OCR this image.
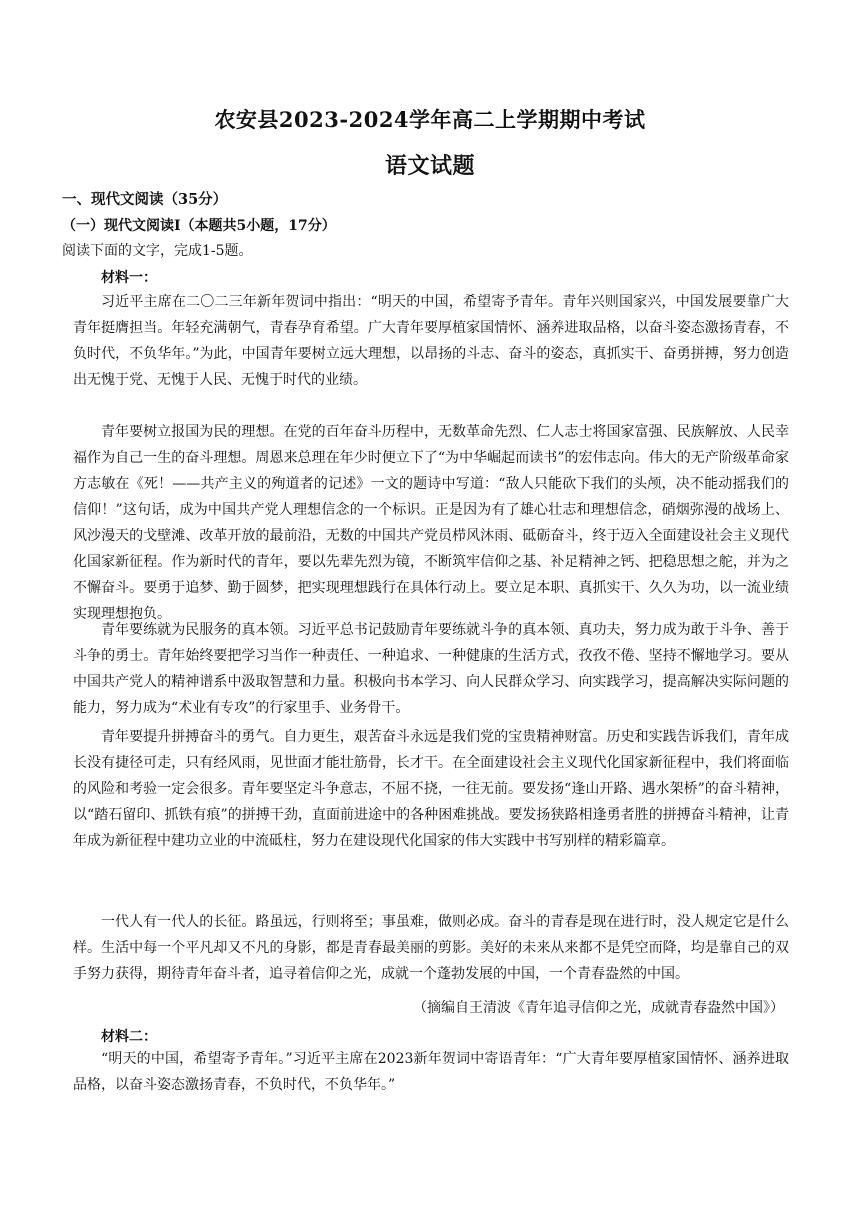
农安县2023-2024学年高二上学期期中考试
语文试题
一、现代文阅读（35分）
（一）现代文阅读Ⅰ（本题共5小题，17分）
阅读下面的文字，完成1-5题。
材料一：

习近平主席在二〇二三年新年贺词中指出：“明天的中国，希望寄予青年。青年兴则国家兴，中国发展要靠广大青年挺膺担当。年轻充满朝气，青春孕育希望。广大青年要厚植家国情怀、涵养进取品格，以奋斗姿态激扬青春，不负时代，不负华年。”为此，中国青年要树立远大理想，以昂扬的斗志、奋斗的姿态，真抓实干、奋勇拼搏，努力创造出无愧于党、无愧于人民、无愧于时代的业绩。

青年要树立报国为民的理想。在党的百年奋斗历程中，无数革命先烈、仁人志士将国家富强、民族解放、人民幸福作为自己一生的奋斗理想。周恩来总理在年少时便立下了“为中华崛起而读书”的宏伟志向。伟大的无产阶级革命家方志敏在《死！——共产主义的殉道者的记述》一文的题诗中写道：“敌人只能砍下我们的头颅，决不能动摇我们的信仰！”这句话，成为中国共产党人理想信念的一个标识。正是因为有了雄心壮志和理想信念，硝烟弥漫的战场上、风沙漫天的戈壁滩、改革开放的最前沿，无数的中国共产党员栉风沐雨、砥砺奋斗，终于迈入全面建设社会主义现代化国家新征程。作为新时代的青年，要以先辈先烈为镜，不断筑牢信仰之基、补足精神之钙、把稳思想之舵，并为之不懈奋斗。要勇于追梦、勤于圆梦，把实现理想践行在具体行动上。要立足本职、真抓实干、久久为功，以一流业绩实现理想抱负。

青年要练就为民服务的真本领。习近平总书记鼓励青年要练就斗争的真本领、真功夫，努力成为敢于斗争、善于斗争的勇士。青年始终要把学习当作一种责任、一种追求、一种健康的生活方式，孜孜不倦、坚持不懈地学习。要从中国共产党人的精神谱系中汲取智慧和力量。积极向书本学习、向人民群众学习、向实践学习，提高解决实际问题的能力，努力成为“术业有专攻”的行家里手、业务骨干。

青年要提升拼搏奋斗的勇气。自力更生，艰苦奋斗永远是我们党的宝贵精神财富。历史和实践告诉我们，青年成长没有捷径可走，只有经风雨，见世面才能壮筋骨，长才干。在全面建设社会主义现代化国家新征程中，我们将面临的风险和考验一定会很多。青年要坚定斗争意志，不屈不挠，一往无前。要发扬“逢山开路、遇水架桥”的奋斗精神，以“踏石留印、抓铁有痕”的拼搏干劲，直面前进途中的各种困难挑战。要发扬狭路相逢勇者胜的拼搏奋斗精神，让青年成为新征程中建功立业的中流砥柱，努力在建设现代化国家的伟大实践中书写别样的精彩篇章。

一代人有一代人的长征。路虽远，行则将至；事虽难，做则必成。奋斗的青春是现在进行时，没人规定它是什么样。生活中每一个平凡却又不凡的身影，都是青春最美丽的剪影。美好的未来从来都不是凭空而降，均是靠自己的双手努力获得，期待青年奋斗者，追寻着信仰之光，成就一个蓬勃发展的中国，一个青春盎然的中国。

（摘编自王清波《青年追寻信仰之光，成就青春盎然中国》）
材料二：

“明天的中国，希望寄予青年。”习近平主席在2023新年贺词中寄语青年：“广大青年要厚植家国情怀、涵养进取品格，以奋斗姿态激扬青春，不负时代，不负华年。”
